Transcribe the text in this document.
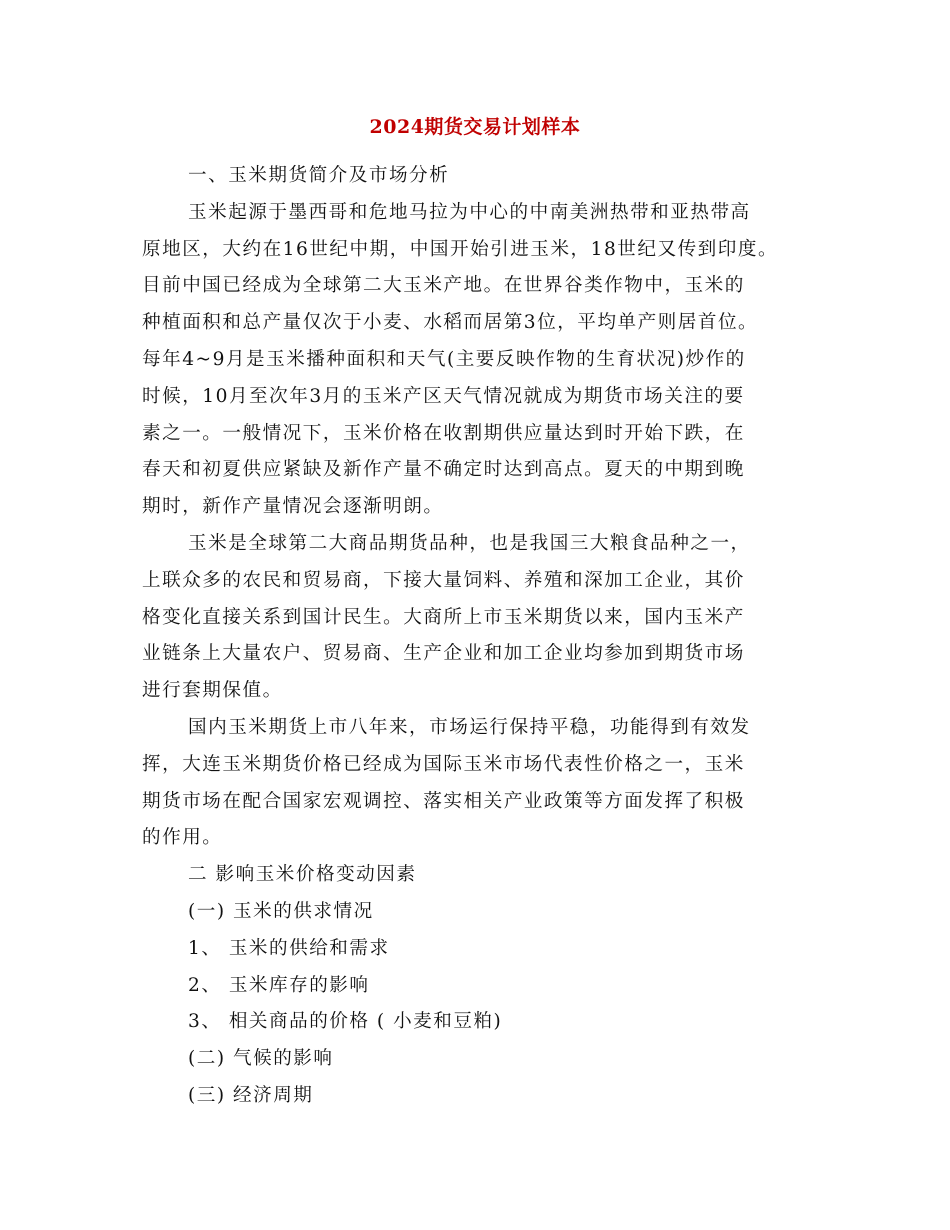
2024期货交易计划样本
一、玉米期货简介及市场分析
玉米起源于墨西哥和危地马拉为中心的中南美洲热带和亚热带高
原地区，大约在16世纪中期，中国开始引进玉米，18世纪又传到印度。
目前中国已经成为全球第二大玉米产地。在世界谷类作物中，玉米的
种植面积和总产量仅次于小麦、水稻而居第3位，平均单产则居首位。
每年4~9月是玉米播种面积和天气(主要反映作物的生育状况)炒作的
时候，10月至次年3月的玉米产区天气情况就成为期货市场关注的要
素之一。一般情况下，玉米价格在收割期供应量达到时开始下跌，在
春天和初夏供应紧缺及新作产量不确定时达到高点。夏天的中期到晚
期时，新作产量情况会逐渐明朗。
玉米是全球第二大商品期货品种，也是我国三大粮食品种之一，
上联众多的农民和贸易商，下接大量饲料、养殖和深加工企业，其价
格变化直接关系到国计民生。大商所上市玉米期货以来，国内玉米产
业链条上大量农户、贸易商、生产企业和加工企业均参加到期货市场
进行套期保值。
国内玉米期货上市八年来，市场运行保持平稳，功能得到有效发
挥，大连玉米期货价格已经成为国际玉米市场代表性价格之一，玉米
期货市场在配合国家宏观调控、落实相关产业政策等方面发挥了积极
的作用。
二 影响玉米价格变动因素
(一) 玉米的供求情况
1、 玉米的供给和需求
2、 玉米库存的影响
3、 相关商品的价格 ( 小麦和豆粕)
(二) 气候的影响
(三) 经济周期
